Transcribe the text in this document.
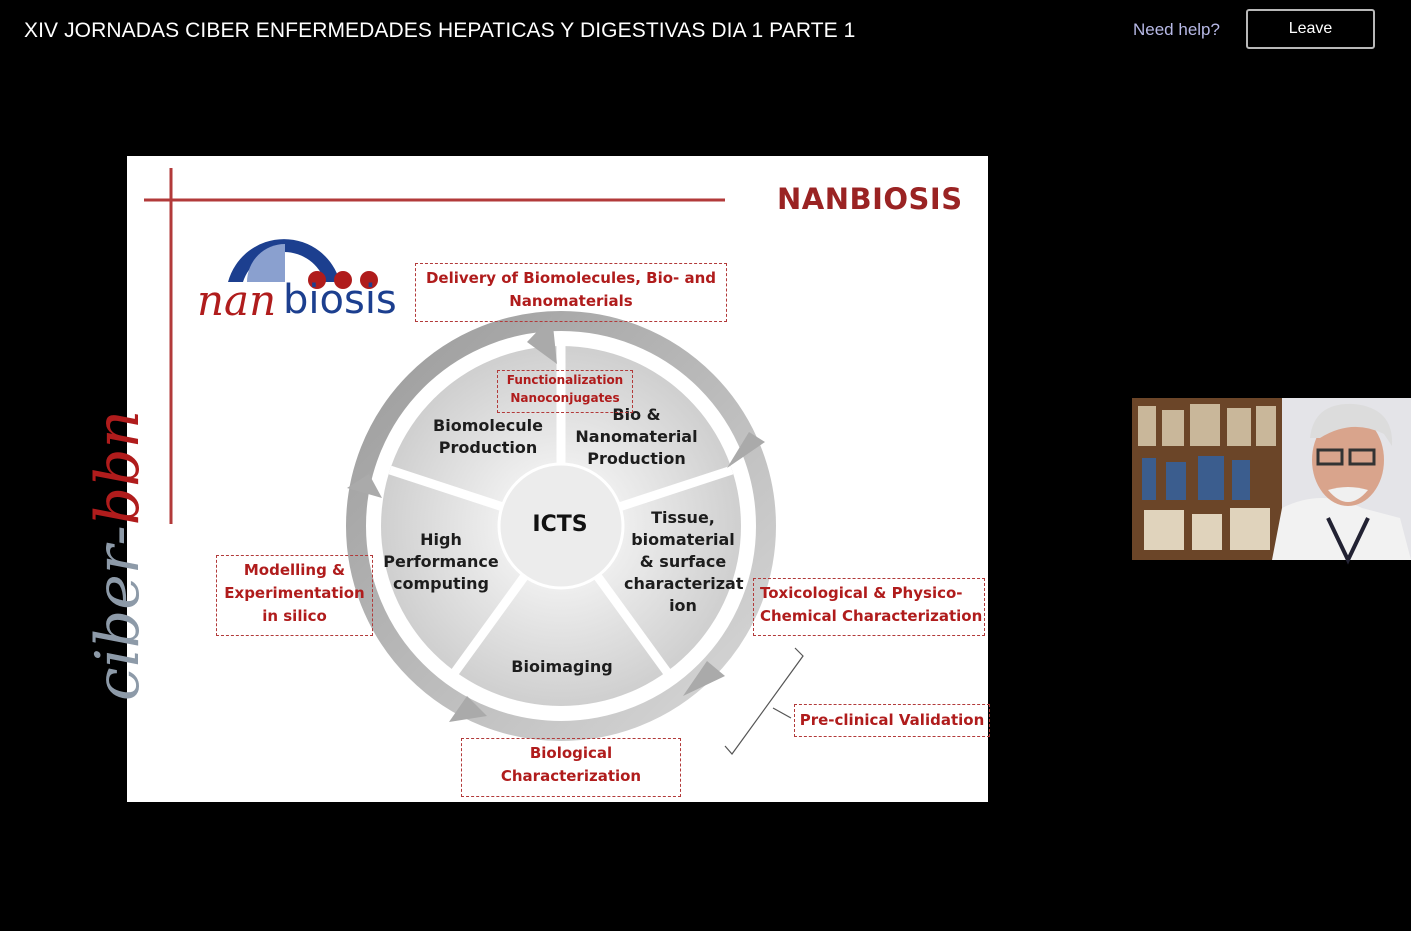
XIV JORNADAS CIBER ENFERMEDADES HEPATICAS Y DIGESTIVAS DIA 1 PARTE 1	Need help?	Leave
NANBIOSIS
nan biosis
ciber-bbn	ICTS
Biomolecule Production
Bio & Nanomaterial Production
Tissue, biomaterial & surface characterizat ion
Bioimaging
High Performance computing
Delivery of Biomolecules, Bio- and Nanomaterials
Functionalization
Nanoconjugates
Modelling & Experimentation in silico
Toxicological & Physico-Chemical Characterization
Pre-clinical Validation
Biological Characterization
